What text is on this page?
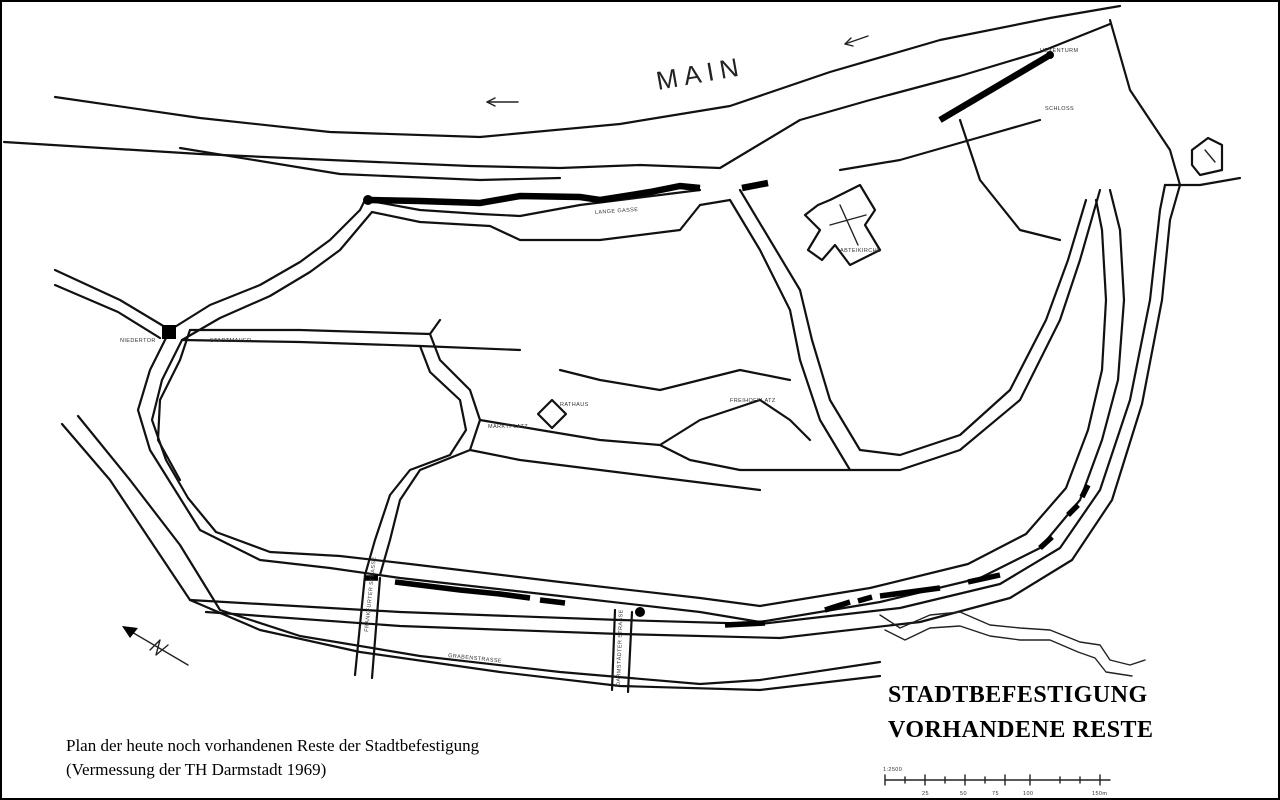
MAIN
NIEDERTOR
MARKTPLATZ
RATHAUS
FREIHOFPLATZ
FRANKFURTER STRASSE
DARMSTÄDTER STRASSE
GRABENSTRASSE
ABTEIKIRCHE
LANGE GASSE
HEXENTURM
SCHLOSS
STADTMAUER
1:2500
25	50	75	100	150m
STADTBEFESTIGUNG
VORHANDENE RESTE
Plan der heute noch vorhandenen Reste der Stadtbefestigung
(Vermessung der TH Darmstadt 1969)
